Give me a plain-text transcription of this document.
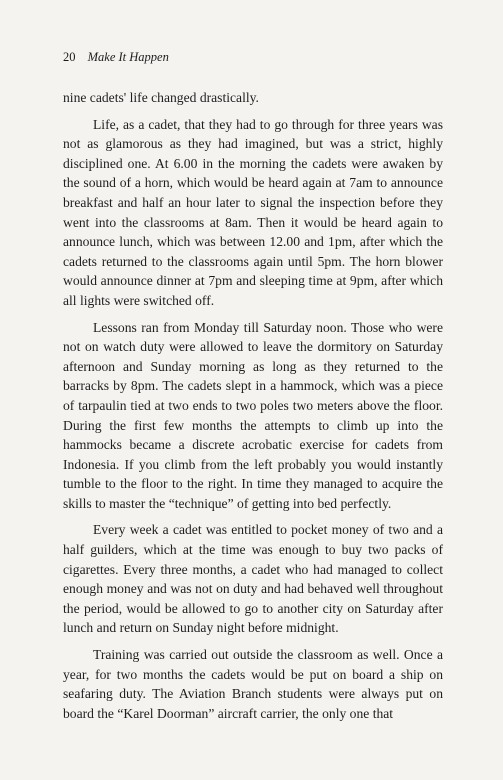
20 Make It Happen

nine cadets' life changed drastically.

Life, as a cadet, that they had to go through for three years was not as glamorous as they had imagined, but was a strict, highly disciplined one. At 6.00 in the morning the cadets were awaken by the sound of a horn, which would be heard again at 7am to announce breakfast and half an hour later to signal the inspection before they went into the classrooms at 8am. Then it would be heard again to announce lunch, which was between 12.00 and 1pm, after which the cadets returned to the classrooms again until 5pm. The horn blower would announce dinner at 7pm and sleeping time at 9pm, after which all lights were switched off.

Lessons ran from Monday till Saturday noon. Those who were not on watch duty were allowed to leave the dormitory on Saturday afternoon and Sunday morning as long as they returned to the barracks by 8pm. The cadets slept in a hammock, which was a piece of tarpaulin tied at two ends to two poles two meters above the floor. During the first few months the attempts to climb up into the hammocks became a discrete acrobatic exercise for cadets from Indonesia. If you climb from the left probably you would instantly tumble to the floor to the right. In time they managed to acquire the skills to master the “technique” of getting into bed perfectly.

Every week a cadet was entitled to pocket money of two and a half guilders, which at the time was enough to buy two packs of cigarettes. Every three months, a cadet who had managed to collect enough money and was not on duty and had behaved well throughout the period, would be allowed to go to another city on Saturday after lunch and return on Sunday night before midnight.

Training was carried out outside the classroom as well. Once a year, for two months the cadets would be put on board a ship on seafaring duty. The Aviation Branch students were always put on board the “Karel Doorman” aircraft carrier, the only one that
